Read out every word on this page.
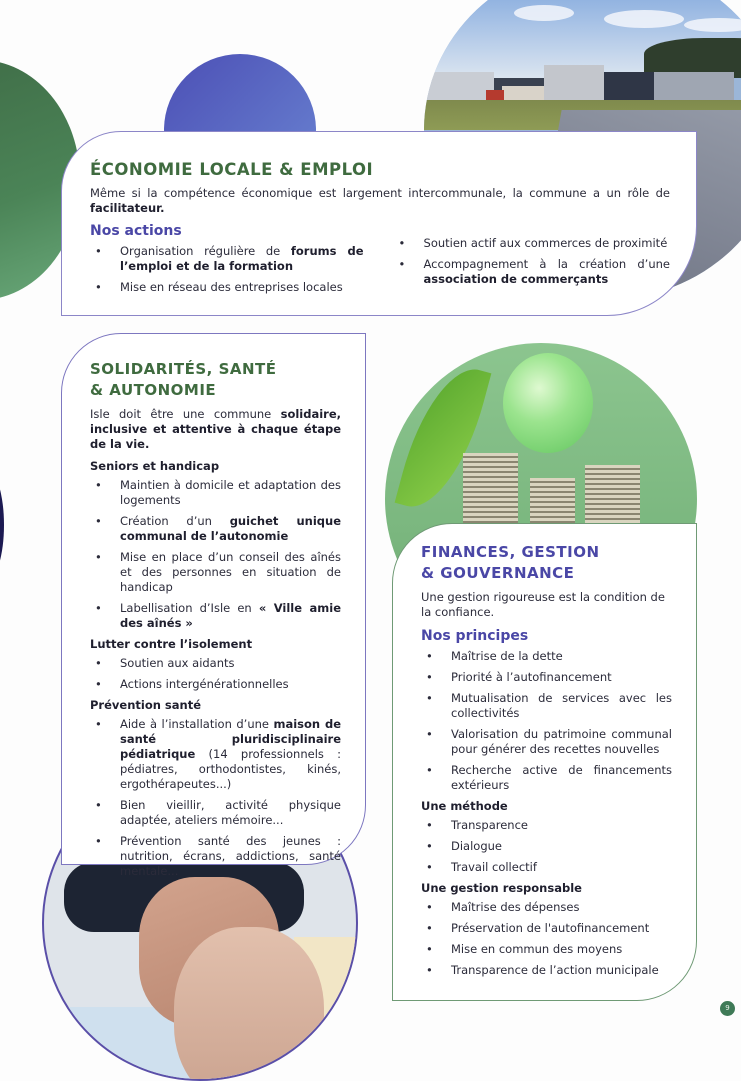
ÉCONOMIE LOCALE & EMPLOI

Même si la compétence économique est largement intercommunale, la commune a un rôle de facilitateur.

Nos actions
• Organisation régulière de forums de l’emploi et de la formation
• Mise en réseau des entreprises locales
• Soutien actif aux commerces de proximité
• Accompagnement à la création d’une association de commerçants
SOLIDARITÉS, SANTÉ
& AUTONOMIE

Isle doit être une commune solidaire, inclusive et attentive à chaque étape de la vie.

Seniors et handicap
• Maintien à domicile et adaptation des logements
• Création d’un guichet unique communal de l’autonomie
• Mise en place d’un conseil des aînés et des personnes en situation de handicap
• Labellisation d’Isle en « Ville amie des aînés »
Lutter contre l’isolement
• Soutien aux aidants
• Actions intergénérationnelles
Prévention santé
• Aide à l’installation d’une maison de santé pluridisciplinaire pédiatrique (14 professionnels : pédiatres, orthodontistes, kinés, ergothérapeutes...)
• Bien vieillir, activité physique adaptée, ateliers mémoire...
• Prévention santé des jeunes : nutrition, écrans, addictions, santé mentale...
FINANCES, GESTION
& GOUVERNANCE

Une gestion rigoureuse est la condition de la confiance.

Nos principes
• Maîtrise de la dette
• Priorité à l’autofinancement
• Mutualisation de services avec les collectivités
• Valorisation du patrimoine communal pour générer des recettes nouvelles
• Recherche active de financements extérieurs
Une méthode
• Transparence
• Dialogue
• Travail collectif
Une gestion responsable
• Maîtrise des dépenses
• Préservation de l'autofinancement
• Mise en commun des moyens
• Transparence de l’action municipale
9
